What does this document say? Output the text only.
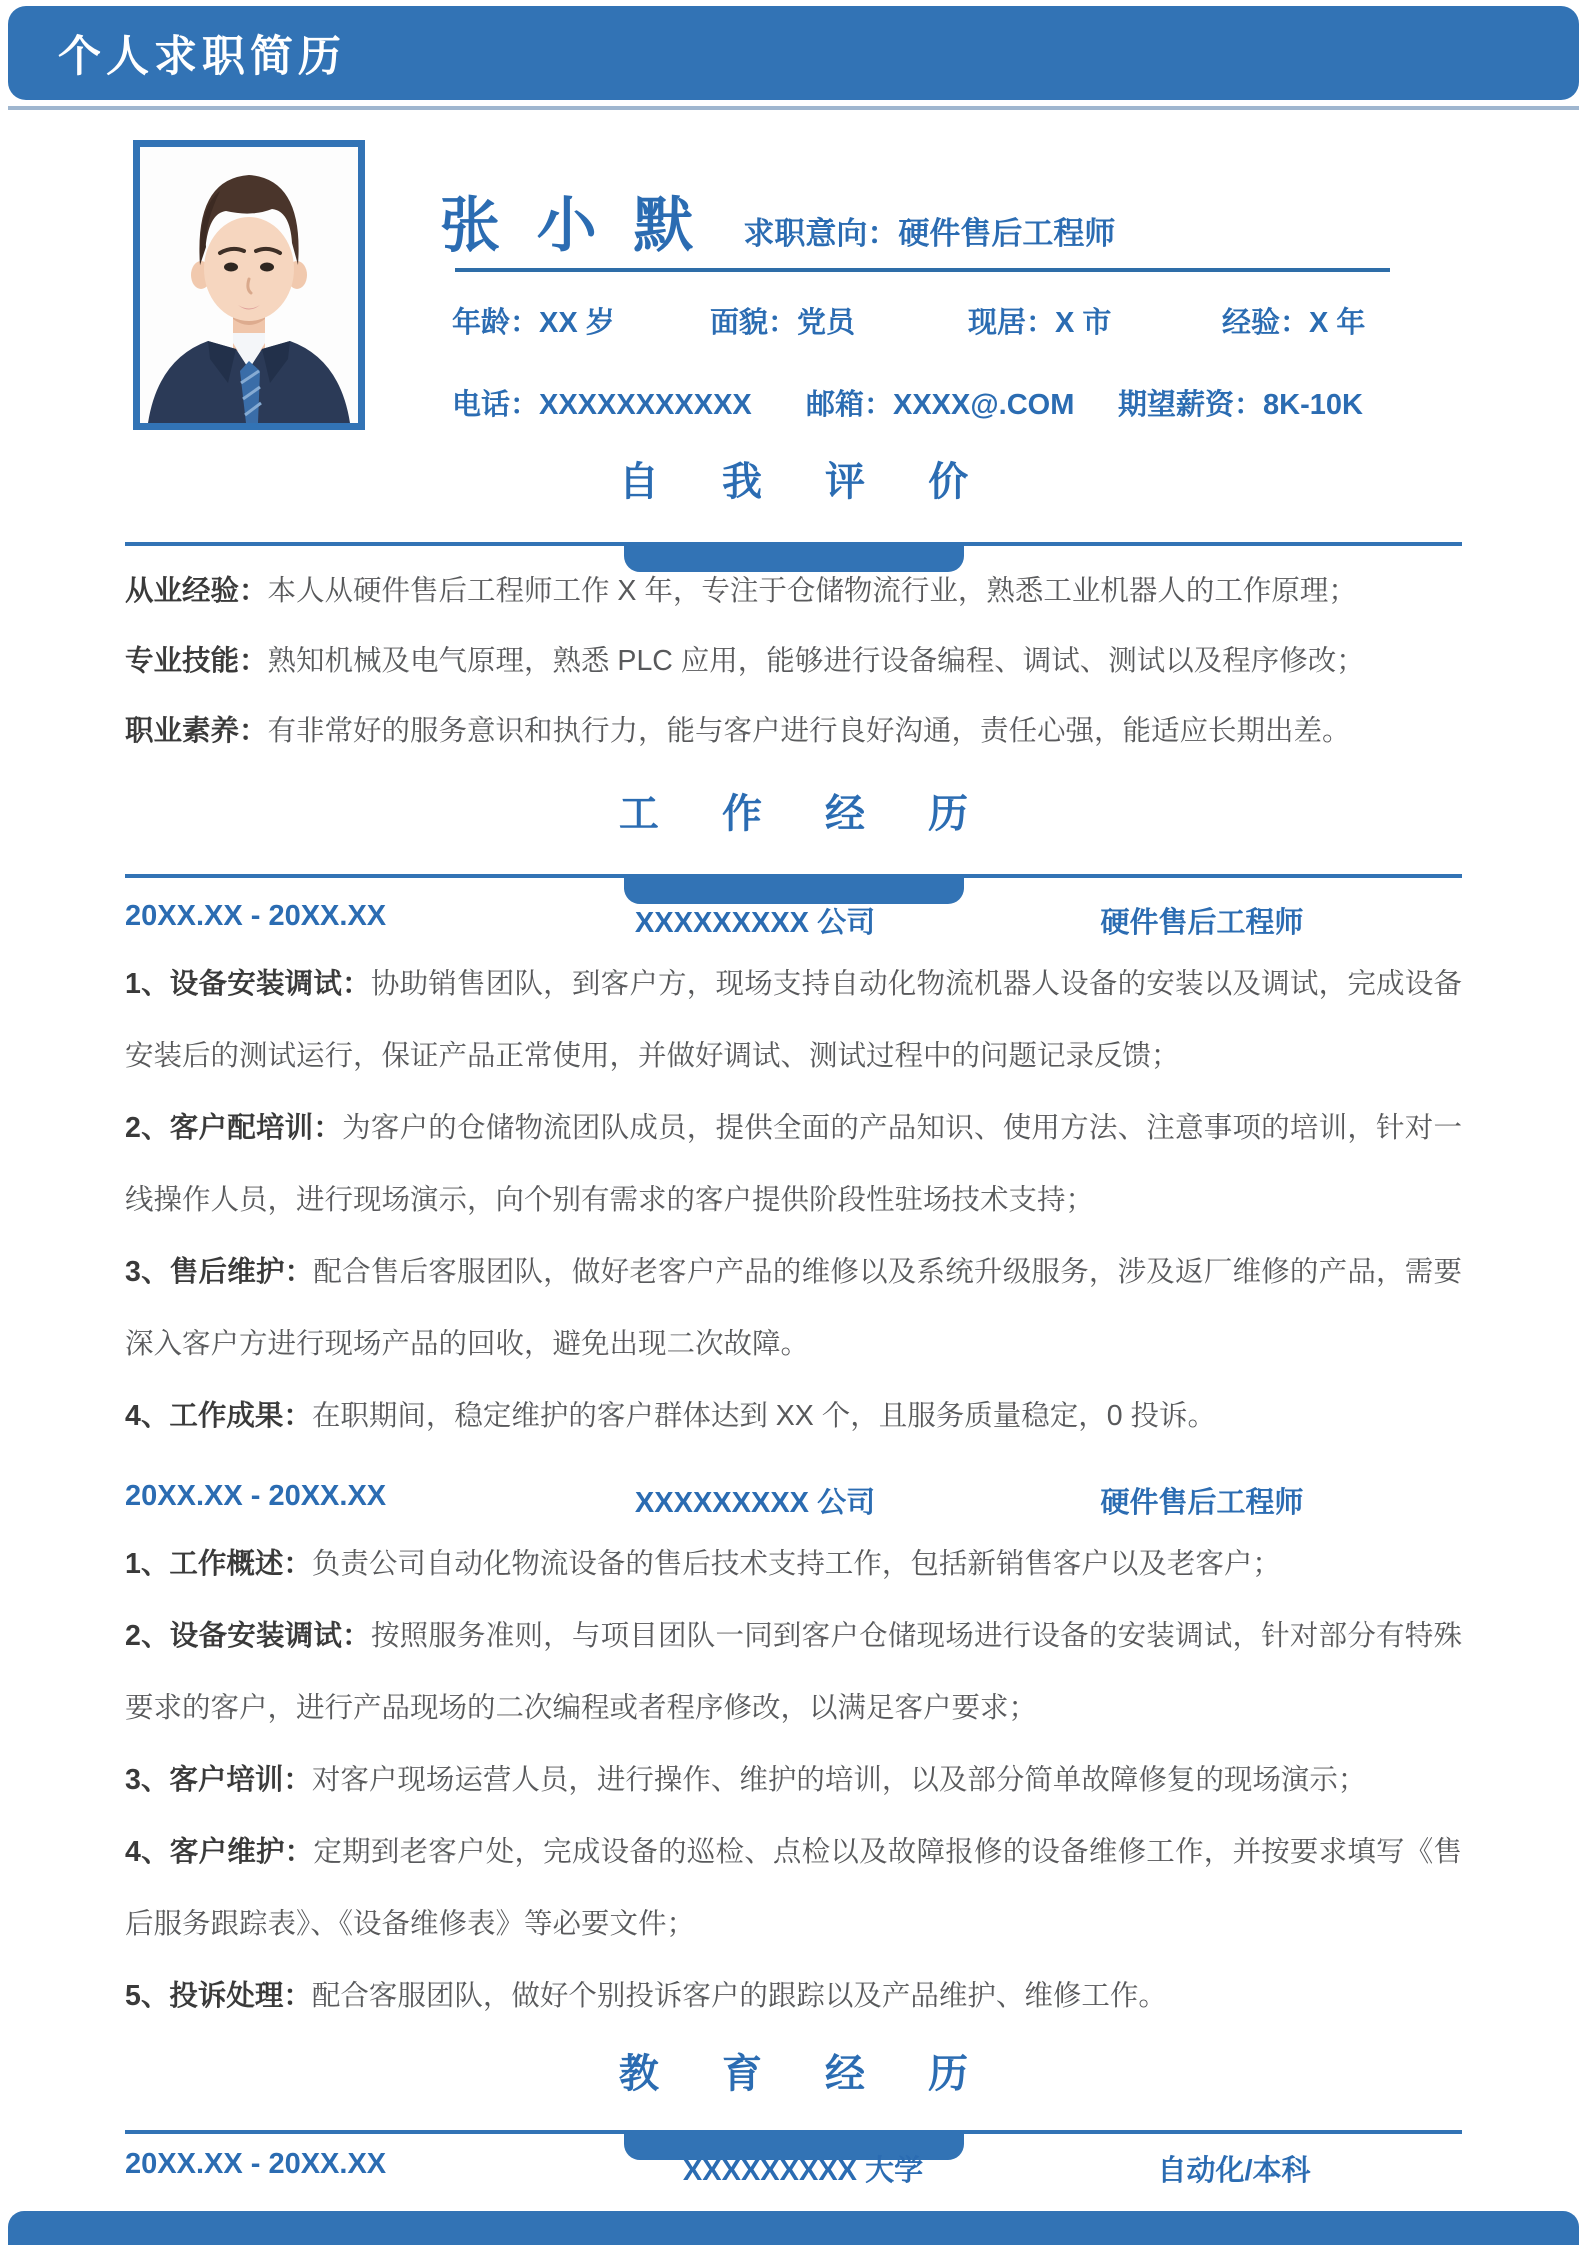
个人求职简历
张 小 默 求职意向：硬件售后工程师
年龄：XX 岁	面貌：党员	现居：X 市	经验：X 年
电话：XXXXXXXXXXX 邮箱：XXXX@.COM 期望薪资：8K-10K
自 我 评 价

从业经验：本人从硬件售后工程师工作 X 年，专注于仓储物流行业，熟悉工业机器人的工作原理；

专业技能：熟知机械及电气原理，熟悉 PLC 应用，能够进行设备编程、调试、测试以及程序修改；

职业素养：有非常好的服务意识和执行力，能与客户进行良好沟通，责任心强，能适应长期出差。

工 作 经 历
20XX.XX - 20XX.XX	XXXXXXXXX 公司	硬件售后工程师

1、设备安装调试：协助销售团队，到客户方，现场支持自动化物流机器人设备的安装以及调试，完成设备安装后的测试运行，保证产品正常使用，并做好调试、测试过程中的问题记录反馈；

2、客户配培训：为客户的仓储物流团队成员，提供全面的产品知识、使用方法、注意事项的培训，针对一线操作人员，进行现场演示，向个别有需求的客户提供阶段性驻场技术支持；

3、售后维护：配合售后客服团队，做好老客户产品的维修以及系统升级服务，涉及返厂维修的产品，需要深入客户方进行现场产品的回收，避免出现二次故障。

4、工作成果：在职期间，稳定维护的客户群体达到 XX 个，且服务质量稳定，0 投诉。

20XX.XX - 20XX.XX	XXXXXXXXX 公司	硬件售后工程师

1、工作概述：负责公司自动化物流设备的售后技术支持工作，包括新销售客户以及老客户；

2、设备安装调试：按照服务准则，与项目团队一同到客户仓储现场进行设备的安装调试，针对部分有特殊要求的客户，进行产品现场的二次编程或者程序修改，以满足客户要求；

3、客户培训：对客户现场运营人员，进行操作、维护的培训，以及部分简单故障修复的现场演示；

4、客户维护：定期到老客户处，完成设备的巡检、点检以及故障报修的设备维修工作，并按要求填写《售后服务跟踪表》、《设备维修表》等必要文件；

5、投诉处理：配合客服团队，做好个别投诉客户的跟踪以及产品维护、维修工作。

教 育 经 历
20XX.XX - 20XX.XX	XXXXXXXXX 大学	自动化/本科
